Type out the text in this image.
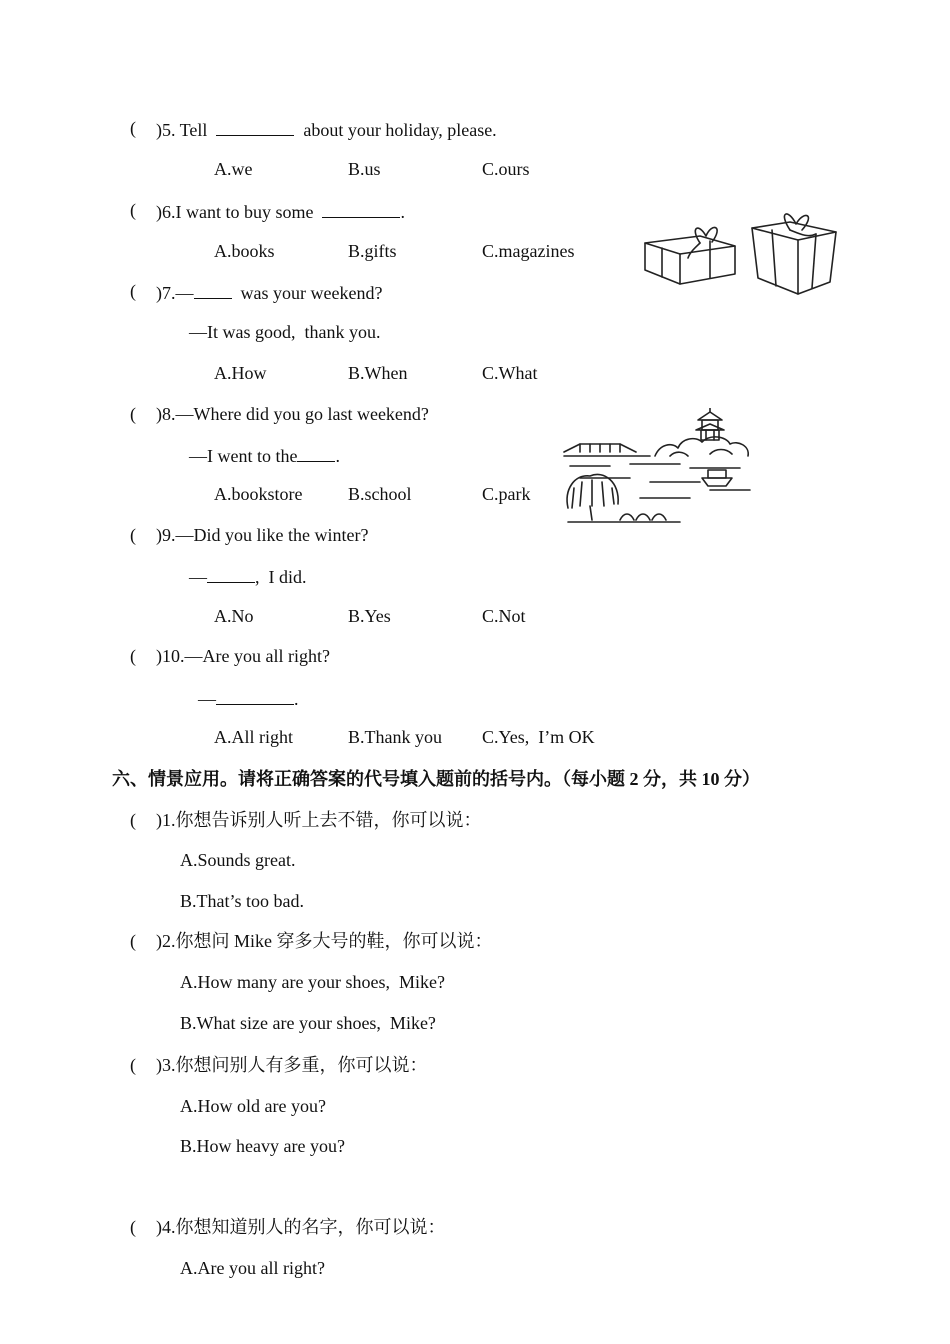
( )5. Tell	about your holiday, please.
A.we	B.us	C.ours
( )6.I want to buy some	.
A.books	B.gifts	C.magazines
( )7.—	was your weekend?
—It was good,  thank you.
A.How	B.When	C.What
( )8.—Where did you go last weekend?
—I went to the .
A.bookstore	B.school	C.park
( )9.—Did you like the winter?
—	,  I did.
A.No	B.Yes	C.Not
( )10.—Are you all right?
—	.
A.All right	B.Thank you C.Yes,  I’m OK
六、情景应用。请将正确答案的代号填入题前的括号内。（每小题 2 分，共 10 分）
( )1.你想告诉别人听上去不错，你可以说：
A.Sounds great.
B.That’s too bad.
( )2.你想问 Mike 穿多大号的鞋，你可以说：
A.How many are your shoes,  Mike?
B.What size are your shoes,  Mike?
( )3.你想问别人有多重，你可以说：
A.How old are you?
B.How heavy are you?
( )4.你想知道别人的名字，你可以说：
A.Are you all right?
